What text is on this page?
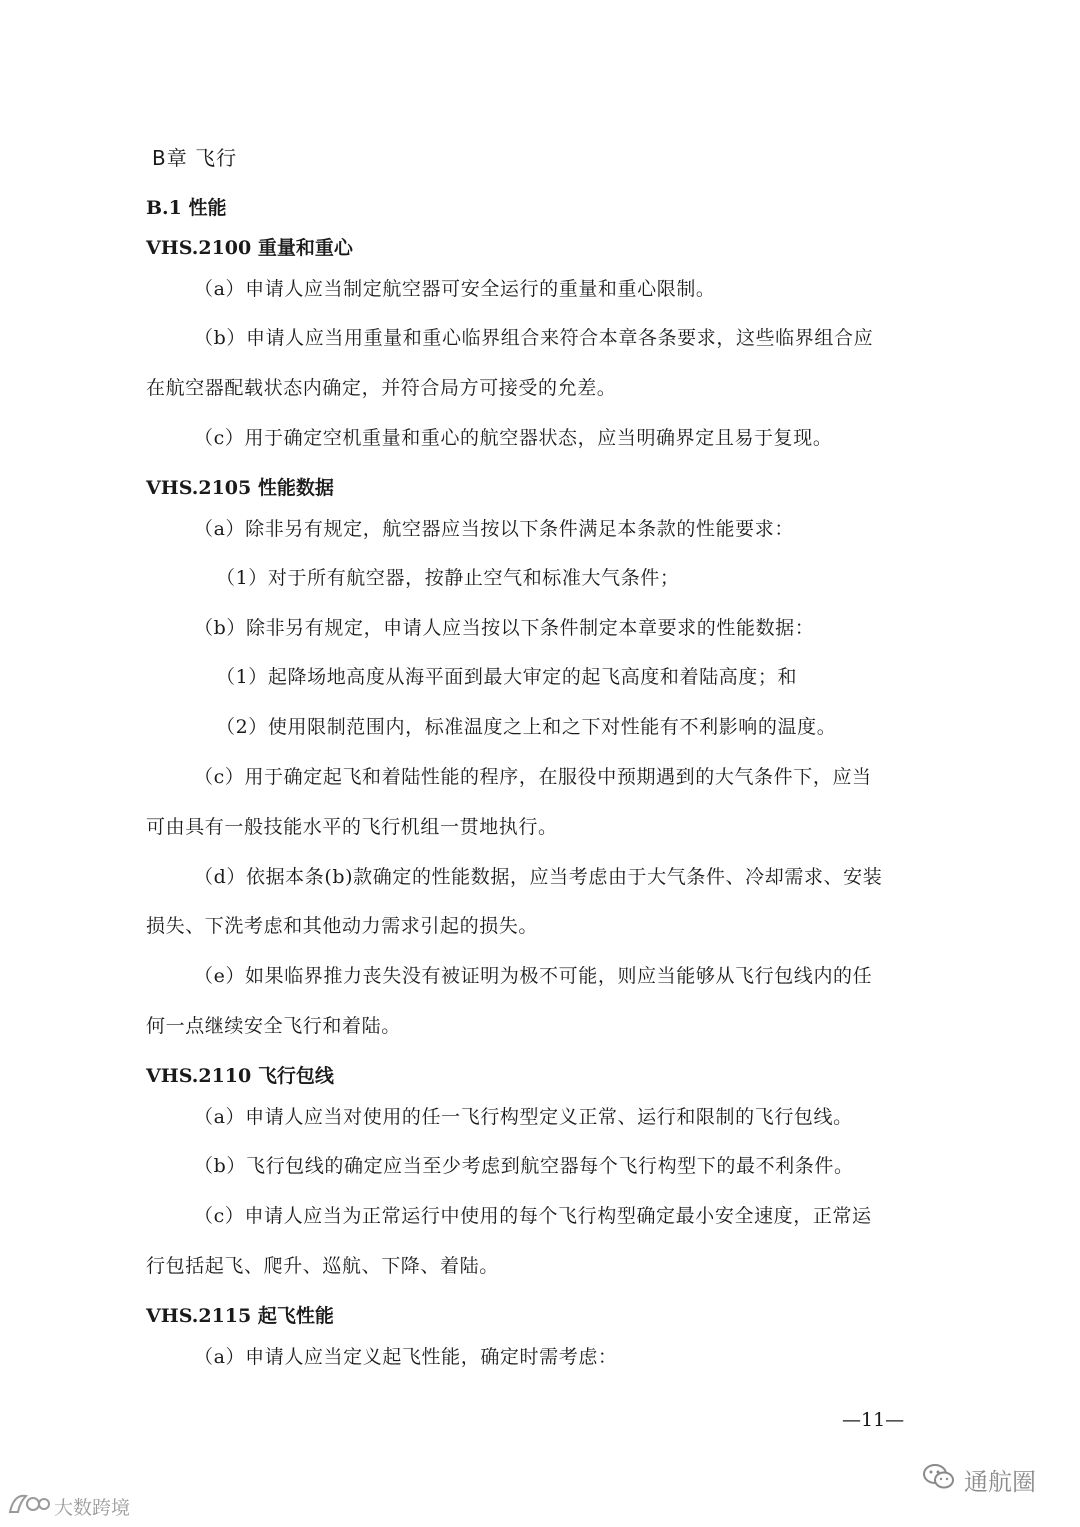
B章 飞行
B.1 性能
VHS.2100 重量和重心
（a）申请人应当制定航空器可安全运行的重量和重心限制。
（b）申请人应当用重量和重心临界组合来符合本章各条要求，这些临界组合应
在航空器配载状态内确定，并符合局方可接受的允差。
（c）用于确定空机重量和重心的航空器状态，应当明确界定且易于复现。
VHS.2105 性能数据
（a）除非另有规定，航空器应当按以下条件满足本条款的性能要求：
（1）对于所有航空器，按静止空气和标准大气条件；
（b）除非另有规定，申请人应当按以下条件制定本章要求的性能数据：
（1）起降场地高度从海平面到最大审定的起飞高度和着陆高度；和
（2）使用限制范围内，标准温度之上和之下对性能有不利影响的温度。
（c）用于确定起飞和着陆性能的程序，在服役中预期遇到的大气条件下，应当
可由具有一般技能水平的飞行机组一贯地执行。
（d）依据本条(b)款确定的性能数据，应当考虑由于大气条件、冷却需求、安装
损失、下洗考虑和其他动力需求引起的损失。
（e）如果临界推力丧失没有被证明为极不可能，则应当能够从飞行包线内的任
何一点继续安全飞行和着陆。
VHS.2110 飞行包线
（a）申请人应当对使用的任一飞行构型定义正常、运行和限制的飞行包线。
（b）飞行包线的确定应当至少考虑到航空器每个飞行构型下的最不利条件。
（c）申请人应当为正常运行中使用的每个飞行构型确定最小安全速度，正常运
行包括起飞、爬升、巡航、下降、着陆。
VHS.2115 起飞性能
（a）申请人应当定义起飞性能，确定时需考虑：
—11—
通航圈
大数跨境
